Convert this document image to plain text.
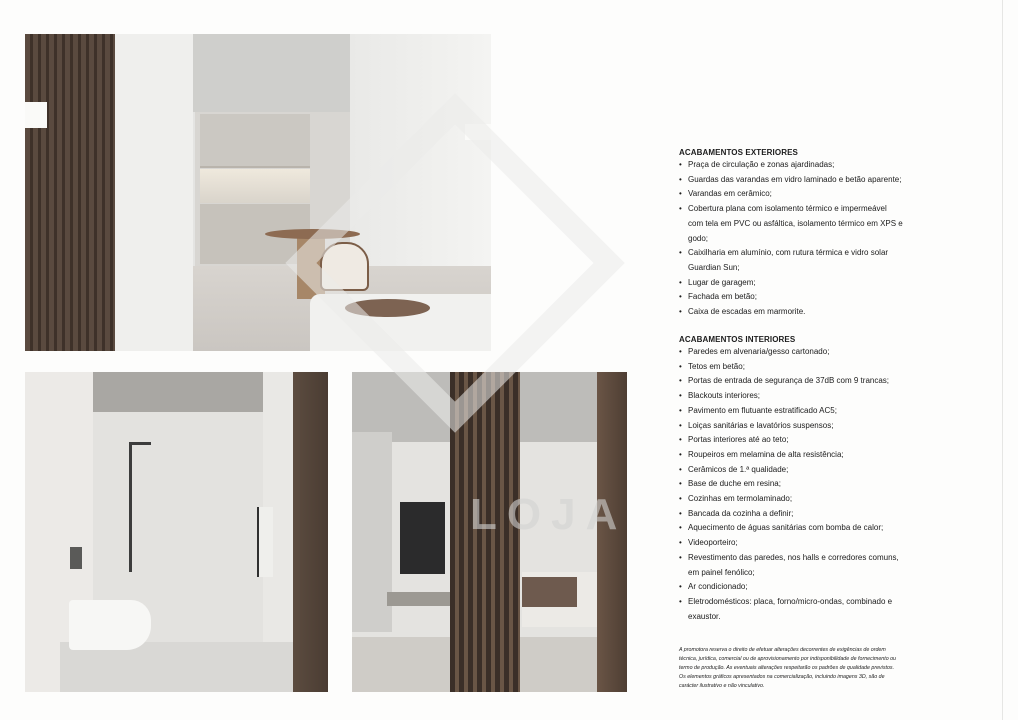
LOJA
ACABAMENTOS EXTERIORES
• Praça de circulação e zonas ajardinadas;
• Guardas das varandas em vidro laminado e betão aparente;
• Varandas em cerâmico;
• Cobertura plana com isolamento térmico e impermeável com tela em PVC ou asfáltica, isolamento térmico em XPS e godo;
• Caixilharia em alumínio, com rutura térmica e vidro solar Guardian Sun;
• Lugar de garagem;
• Fachada em betão;
• Caixa de escadas em marmorite.
ACABAMENTOS INTERIORES
• Paredes em alvenaria/gesso cartonado;
• Tetos em betão;
• Portas de entrada de segurança de 37dB com 9 trancas;
• Blackouts interiores;
• Pavimento em flutuante estratificado AC5;
• Loiças sanitárias e lavatórios suspensos;
• Portas interiores até ao teto;
• Roupeiros em melamina de alta resistência;
• Cerâmicos de 1.ª qualidade;
• Base de duche em resina;
• Cozinhas em termolaminado;
• Bancada da cozinha a definir;
• Aquecimento de águas sanitárias com bomba de calor;
• Videoporteiro;
• Revestimento das paredes, nos halls e corredores comuns, em painel fenólico;
• Ar condicionado;
• Eletrodomésticos: placa, forno/micro-ondas, combinado e exaustor.
A promotora reserva o direito de efetuar alterações decorrentes de exigências de ordem técnica, jurídica, comercial ou de aprovisionamento por indisponibilidade de fornecimento ou termo de produção. As eventuais alterações respeitarão os padrões de qualidade previstos. Os elementos gráficos apresentados na comercialização, incluindo imagens 3D, são de carácter ilustrativo e não vinculativo.
